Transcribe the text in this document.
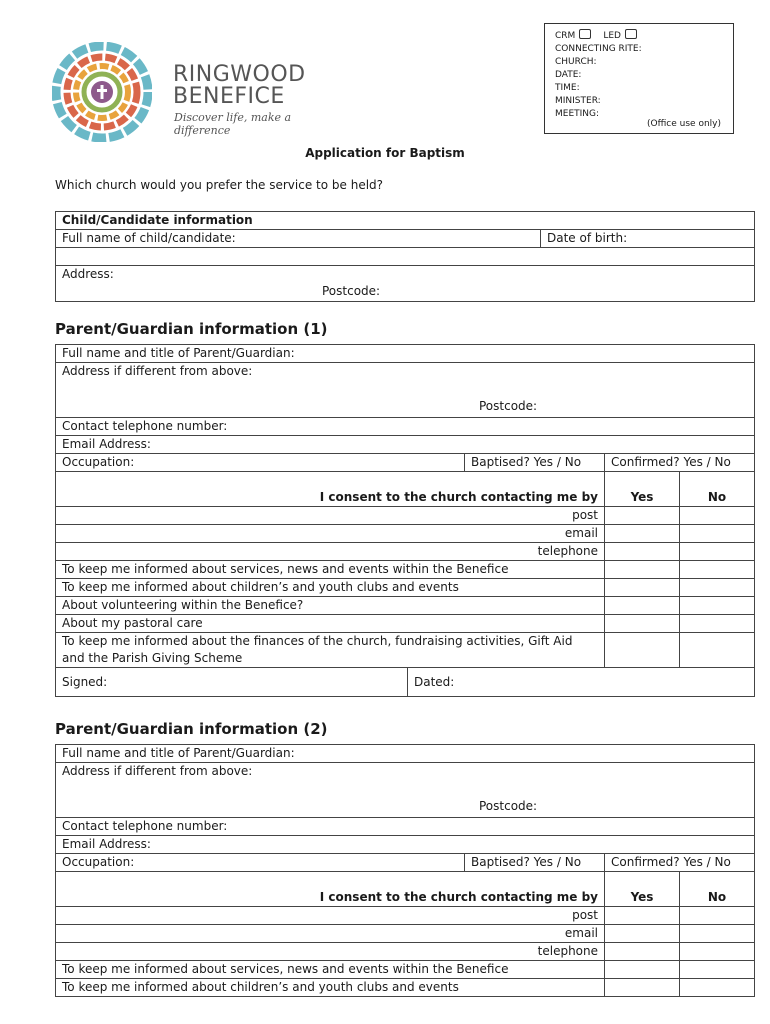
RINGWOOD
BENEFICE
Discover life, make a difference
CRM	LED
CONNECTING RITE:
CHURCH:
DATE:
TIME:
MINISTER:
MEETING:
(Office use only)
Application for Baptism
Which church would you prefer the service to be held?
Child/Candidate information
Full name of child/candidate:	Date of birth:

Address:
Postcode:
Parent/Guardian information (1)
Full name and title of Parent/Guardian:				

Address if different from above:
Postcode:				

Contact telephone number:				
Email Address:				
Occupation:		Baptised? Yes / No	Confirmed? Yes / No	
I consent to the church contacting me by			Yes	No
post				
email				
telephone				
To keep me informed about services, news and events within the Benefice				
To keep me informed about children’s and youth clubs and events				
About volunteering within the Benefice?				
About my pastoral care				
To keep me informed about the finances of the church, fundraising activities, Gift Aid and the Parish Giving Scheme				
Signed:	Dated:			
Parent/Guardian information (2)
Full name and title of Parent/Guardian:			

Address if different from above:
Postcode:			

Contact telephone number:			
Email Address:			
Occupation:	Baptised? Yes / No	Confirmed? Yes / No	
I consent to the church contacting me by		Yes	No
post			
email			
telephone			
To keep me informed about services, news and events within the Benefice			
To keep me informed about children’s and youth clubs and events			
